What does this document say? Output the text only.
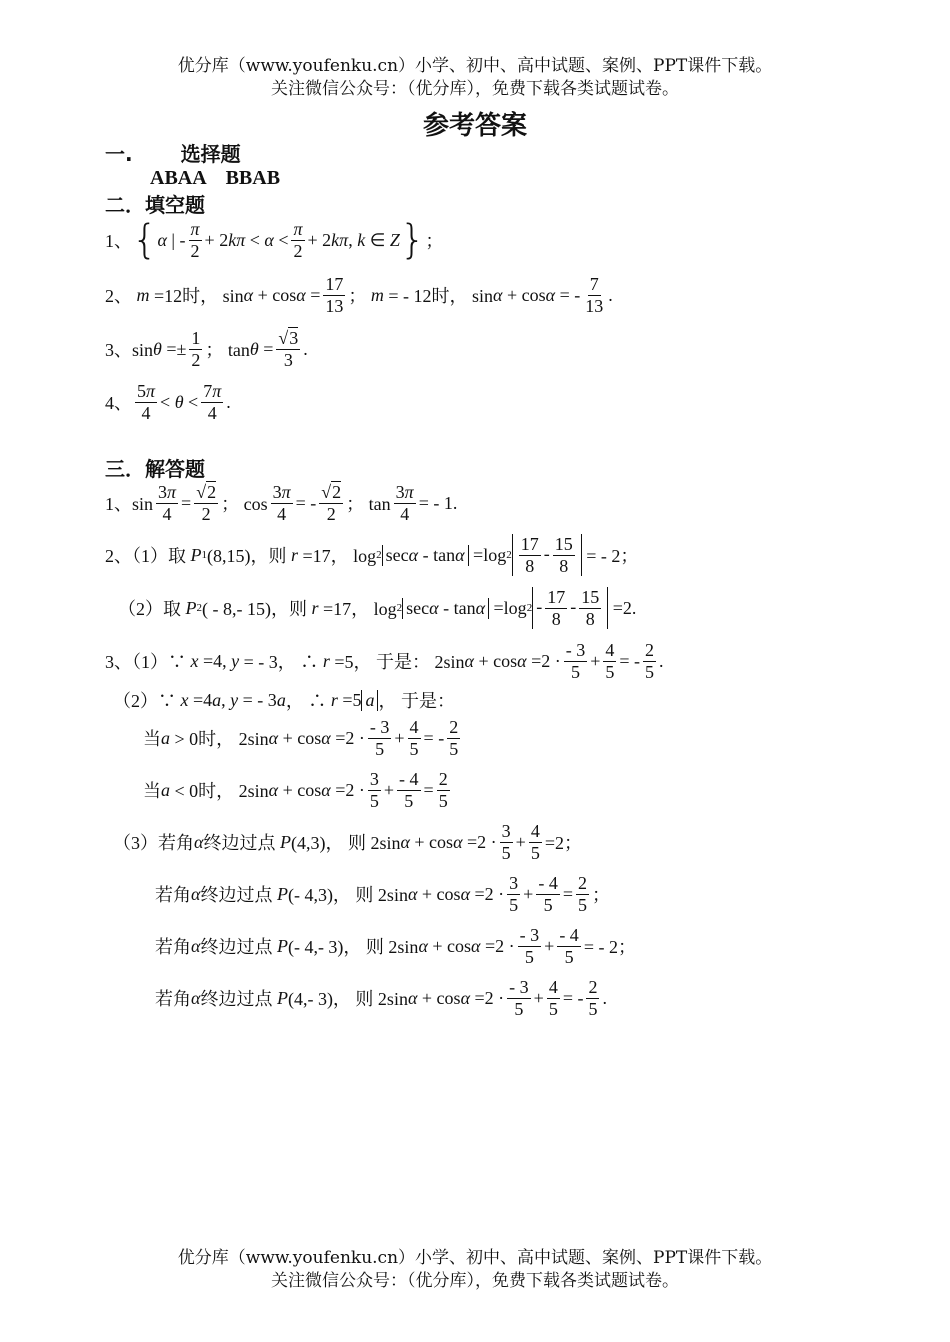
优分库（www.youfenku.cn）小学、初中、高中试题、案例、PPT课件下载。
关注微信公众号：（优分库），免费下载各类试题试卷。
参考答案
一. 选择题
ABAA　BBAB
二．填空题
1、 { α | - $\frac{\pi}{2} + 2$ $k\pi < \alpha < \frac{\pi}{2} + 2$ kπ , k ∈ Z } ；
2、 m =12时， $\sin \alpha + \cos \alpha = \frac{17}{13}$ ； m = - 12时， sin α + cos α = - $\frac{7}{13}$ .
3、$\sin \theta =\pm \frac{1}{2}$ ； $\tan \theta = \frac{√3}{3}$ .
4、 $\frac{5\pi}{4} < \theta < \frac{7\pi}{4}$ .
三．解答题
1、$\sin \frac{3\pi}{4} = \frac{√2}{2}$ ； $\cos \frac{3\pi}{4}$ = - $\frac{√2}{2}$ ； $\tan \frac{3\pi}{4}$ = - 1.
2、（1）取 P 1 (8,15)，则 r =17， log 2 secα - tanα =log $2 \frac{17}{8} - \frac{15}{8}$ = - 2；
（2）取 P 2 ( - 8,- 15)，则 r =17， log 2 secα - tanα =log $2 - \frac{17}{8} - \frac{15}{8} =2$.
3、（1）∵ x =4, y = - 3， ∴ r =5， 于是： 2sin $\alpha + \cos \alpha =2 \cdot \frac{- 3}{5} + \frac{4}{5}$ = - $\frac{2}{5}$ .
（2）∵ x =4 a , y = - 3 a ， ∴ r =5 a ， 于是：
当 a > 0时， 2sin $\alpha + \cos \alpha =2 \cdot \frac{- 3}{5} + \frac{4}{5}$ = - $\frac{2}{5}$
当 a < 0时， 2sin $\alpha + \cos \alpha =2 \cdot \frac{3}{5} + \frac{- 4}{5} = \frac{2}{5}$
（3）若角 α 终边过点 P (4,3)， 则 2sin $\alpha + \cos \alpha =2 \cdot \frac{3}{5} + \frac{4}{5} =2$；
若角 α 终边过点 P (- 4,3)， 则 2sin $\alpha + \cos \alpha =2 \cdot \frac{3}{5} + \frac{- 4}{5} = \frac{2}{5}$ ；
若角 α 终边过点 P (- 4,- 3)， 则 2sin $\alpha + \cos \alpha =2 \cdot \frac{- 3}{5} + \frac{- 4}{5}$ = - 2；
若角 α 终边过点 P (4,- 3)， 则 2sin $\alpha + \cos \alpha =2 \cdot \frac{- 3}{5} + \frac{4}{5}$ = - $\frac{2}{5}$ .
优分库（www.youfenku.cn）小学、初中、高中试题、案例、PPT课件下载。
关注微信公众号：（优分库），免费下载各类试题试卷。
